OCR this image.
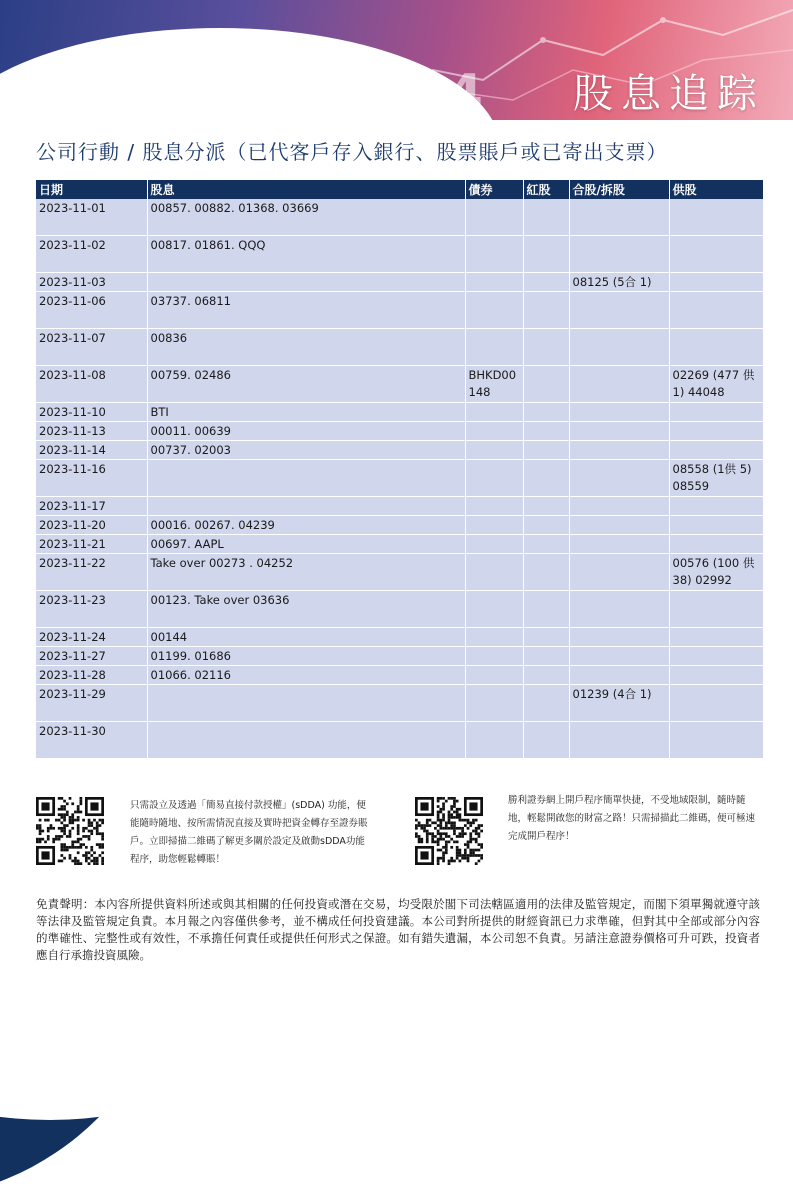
8.88 334 股息追踪
公司行動 / 股息分派（已代客戶存入銀行、股票賬戶或已寄出支票）
日期	股息	債券	紅股	合股/拆股	供股
2023-11-01	00857. 00882. 01368. 03669				
2023-11-02	00817. 01861. QQQ				
2023-11-03				08125 (5合 1)	
2023-11-06	03737. 06811				
2023-11-07	00836				
2023-11-08	00759. 02486	BHKD00148			02269 (477 供 1) 44048
2023-11-10	BTI				
2023-11-13	00011. 00639				
2023-11-14	00737. 02003				
2023-11-16					08558 (1供 5) 08559
2023-11-17					
2023-11-20	00016. 00267. 04239				
2023-11-21	00697. AAPL				
2023-11-22	Take over 00273 . 04252				00576 (100 供 38) 02992
2023-11-23	00123. Take over 03636				
2023-11-24	00144				
2023-11-27	01199. 01686				
2023-11-28	01066. 02116				
2023-11-29				01239 (4合 1)	
2023-11-30					
只需設立及透過「簡易直接付款授權」(sDDA) 功能，便能隨時隨地、按所需情況直接及實時把資金轉存至證券賬戶。立即掃描二維碼了解更多關於設定及啟動sDDA功能程序，助您輕鬆轉賬！
勝利證券網上開戶程序簡單快捷，不受地域限制，隨時隨地，輕鬆開啟您的財富之路！只需掃描此二維碼，便可極速完成開戶程序！
免責聲明：本內容所提供資料所述或與其相關的任何投資或潛在交易，均受限於閣下司法轄區適用的法律及監管規定，而閣下須單獨就遵守該等法律及監管規定負責。本月報之內容僅供參考，並不構成任何投資建議。本公司對所提供的財經資訊已力求準確，但對其中全部或部分內容的準確性、完整性或有效性，不承擔任何責任或提供任何形式之保證。如有錯失遺漏，本公司恕不負責。另請注意證券價格可升可跌，投資者應自行承擔投資風險。
